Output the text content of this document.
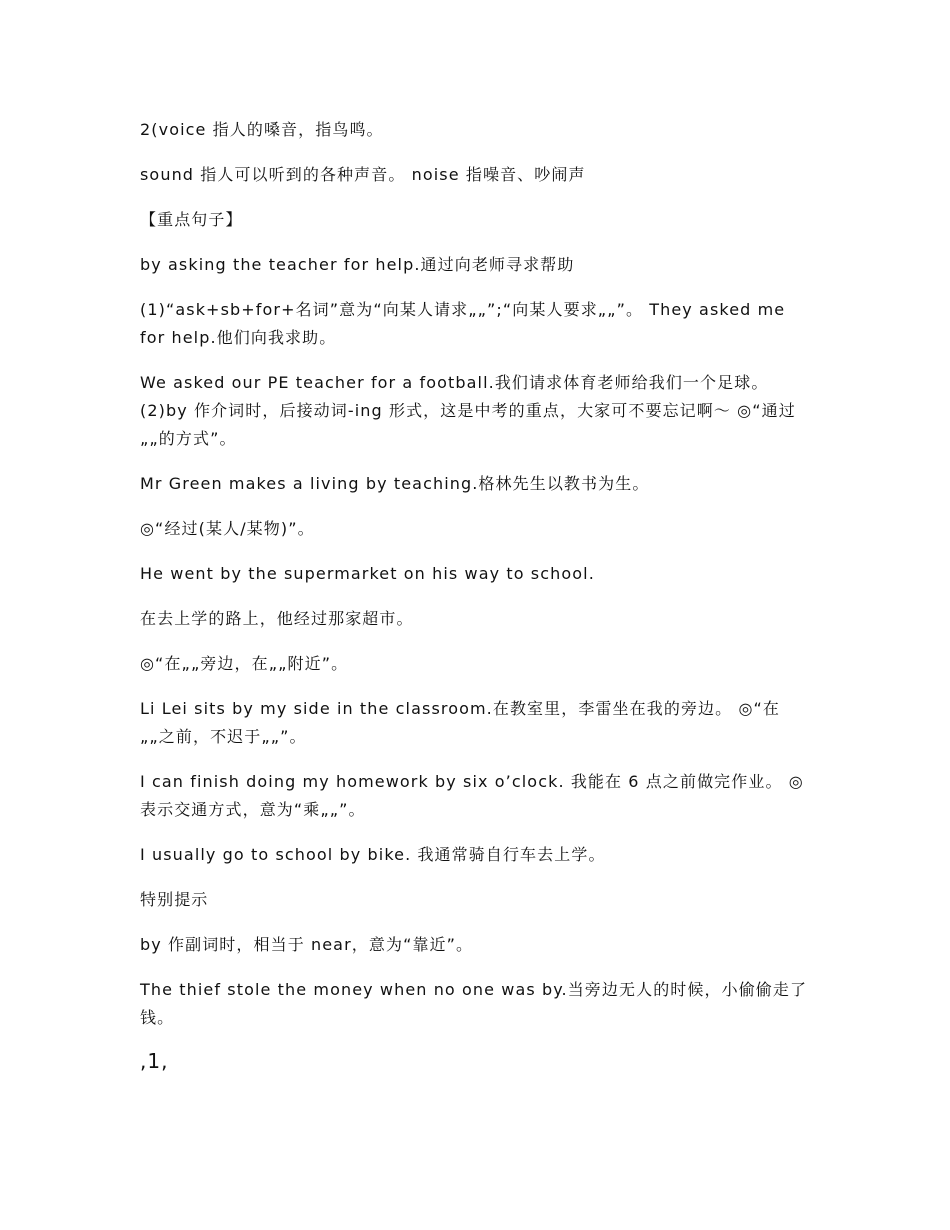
2(voice 指人的嗓音，指鸟鸣。

sound 指人可以听到的各种声音。 noise 指噪音、吵闹声

【重点句子】

by asking the teacher for help.通过向老师寻求帮助

(1)“ask+sb+for+名词”意为“向某人请求„„”;“向某人要求„„”。 They asked me for help.他们向我求助。

We asked our PE teacher for a football.我们请求体育老师给我们一个足球。 (2)by 作介词时，后接动词-ing 形式，这是中考的重点，大家可不要忘记啊～ ◎“通过„„的方式”。

Mr Green makes a living by teaching.格林先生以教书为生。

◎“经过(某人/某物)”。

He went by the supermarket on his way to school.

在去上学的路上，他经过那家超市。

◎“在„„旁边，在„„附近”。

Li Lei sits by my side in the classroom.在教室里，李雷坐在我的旁边。 ◎“在„„之前，不迟于„„”。

I can finish doing my homework by six o’clock. 我能在 6 点之前做完作业。 ◎表示交通方式，意为“乘„„”。

I usually go to school by bike. 我通常骑自行车去上学。

特别提示

by 作副词时，相当于 near，意为“靠近”。

The thief stole the money when no one was by.当旁边无人的时候，小偷偷走了钱。

,1,
